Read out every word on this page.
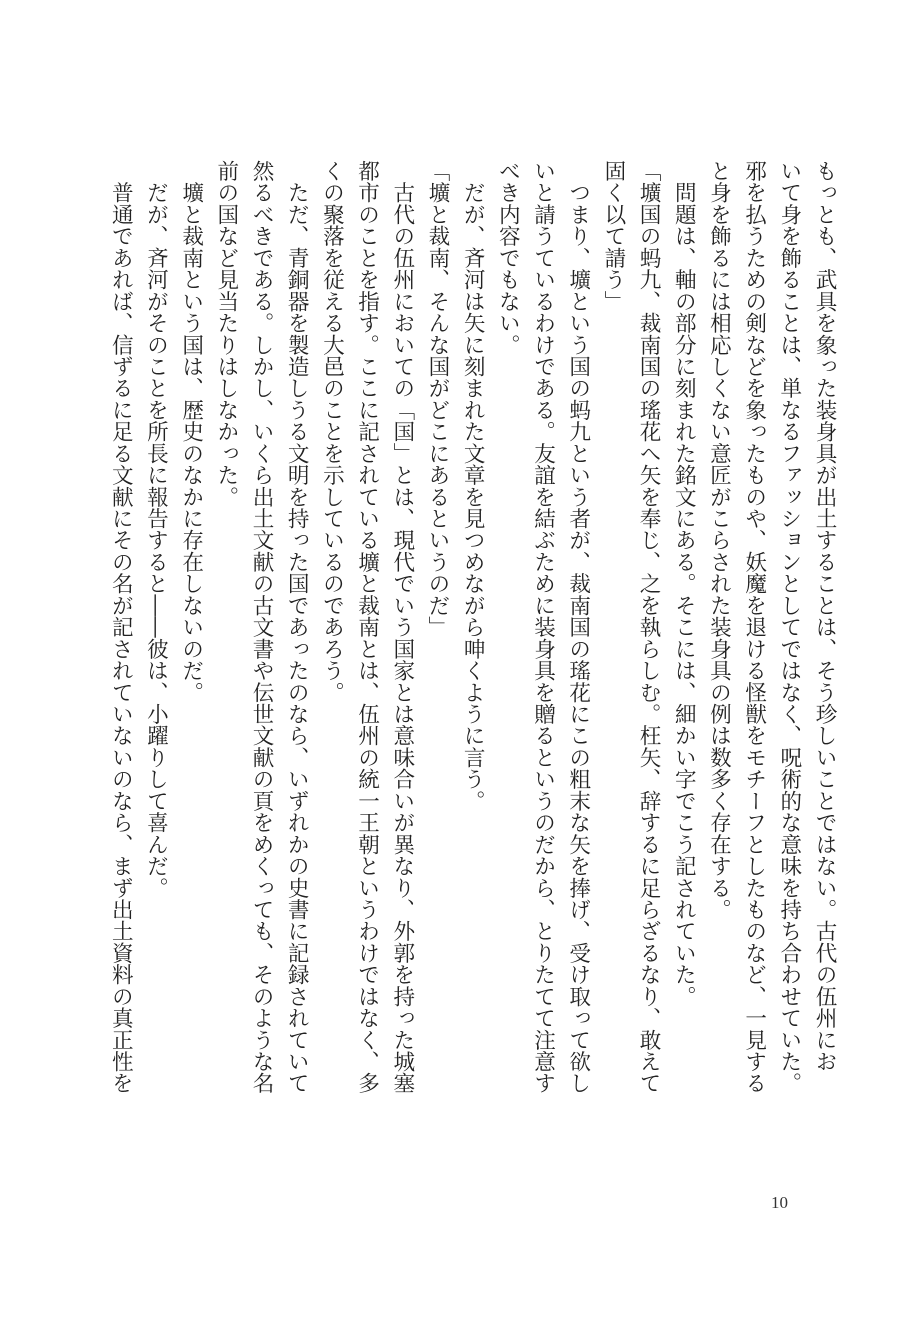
もっとも、武具を象った装身具が出土することは、そう珍しいことではない。古代の伍州にお

いて身を飾ることは、単なるファッションとしてではなく、呪術的な意味を持ち合わせていた。

邪を払うための剣などを象ったものや、妖魔を退ける怪獣をモチーフとしたものなど、一見する

と身を飾るには相応しくない意匠がこらされた装身具の例は数多く存在する。

　問題は、軸の部分に刻まれた銘文にある。そこには、細かい字でこう記されていた。

「壙国の蚂九、裁南国の瑤花へ矢を奉じ、之を執らしむ。枉矢、辞するに足らざるなり、敢えて

固く以て請う」

　つまり、壙という国の蚂九という者が、裁南国の瑤花にこの粗末な矢を捧げ、受け取って欲し

いと請うているわけである。友誼を結ぶために装身具を贈るというのだから、とりたてて注意す

べき内容でもない。

　だが、斉河は矢に刻まれた文章を見つめながら呻くように言う。

「壙と裁南、そんな国がどこにあるというのだ」

　古代の伍州においての「国」とは、現代でいう国家とは意味合いが異なり、外郭を持った城塞

都市のことを指す。ここに記されている壙と裁南とは、伍州の統一王朝というわけではなく、多

くの聚落を従える大邑のことを示しているのであろう。

　ただ、青銅器を製造しうる文明を持った国であったのなら、いずれかの史書に記録されていて

然るべきである。しかし、いくら出土文献の古文書や伝世文献の頁をめくっても、そのような名

前の国など見当たりはしなかった。

　壙と裁南という国は、歴史のなかに存在しないのだ。

　だが、斉河がそのことを所長に報告すると――彼は、小躍りして喜んだ。

　普通であれば、信ずるに足る文献にその名が記されていないのなら、まず出土資料の真正性を

10
